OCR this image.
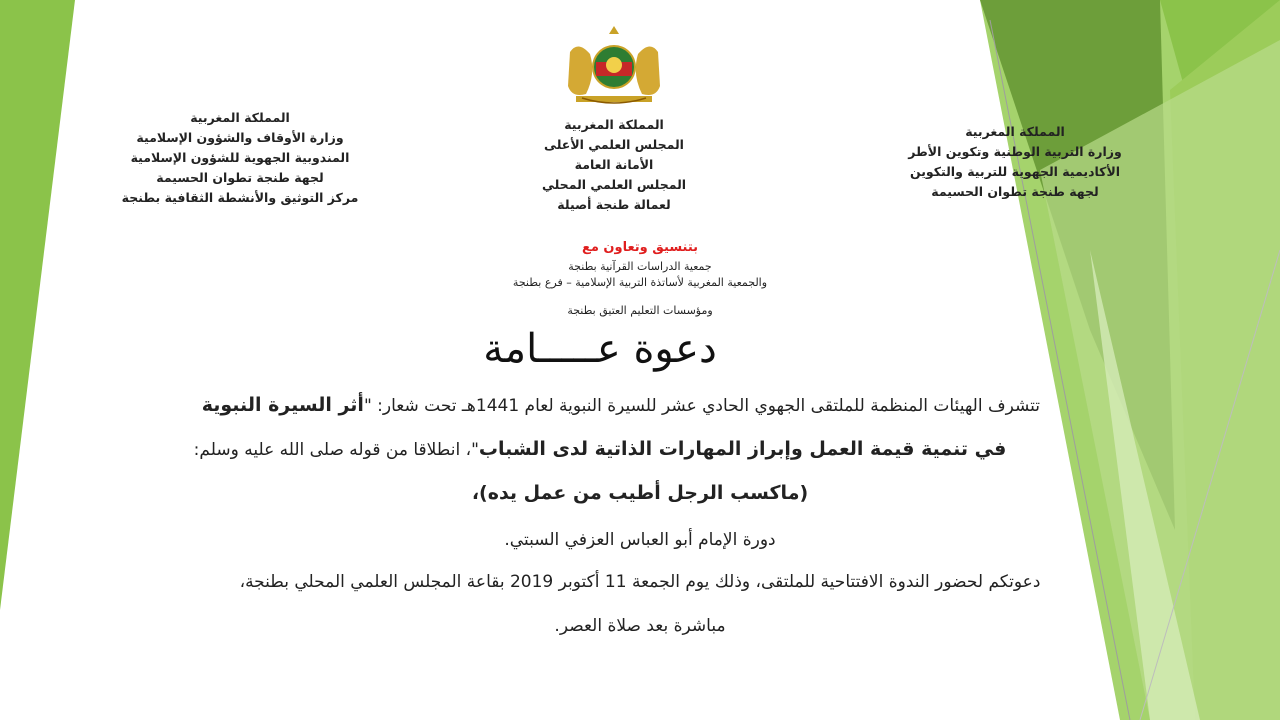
المملكة المغربية
وزارة الأوقاف والشؤون الإسلامية
المندوبية الجهوية للشؤون الإسلامية
لجهة طنجة تطوان الحسيمة
مركز التوثيق والأنشطة الثقافية بطنجة
المملكة المغربية
المجلس العلمي الأعلى
الأمانة العامة
المجلس العلمي المحلي
لعمالة طنجة أصيلة
المملكة المغربية
وزارة التربية الوطنية وتكوين الأطر
الأكاديمية الجهوية للتربية والتكوين
لجهة طنجة تطوان الحسيمة
بتنسيق وتعاون مع
جمعية الدراسات القرآنية بطنجة
والجمعية المغربية لأساتذة التربية الإسلامية – فرع بطنجة
ومؤسسات التعليم العتيق بطنجة
دعوة عـــــامة
تتشرف الهيئات المنظمة للملتقى الجهوي الحادي عشر للسيرة النبوية لعام 1441هـ تحت شعار: "أثر السيرة النبوية
في تنمية قيمة العمل وإبراز المهارات الذاتية لدى الشباب"، انطلاقا من قوله صلى الله عليه وسلم:
(ماكسب الرجل أطيب من عمل يده)،
دورة الإمام أبو العباس العزفي السبتي.
دعوتكم لحضور الندوة الافتتاحية للملتقى، وذلك يوم الجمعة 11 أكتوبر 2019 بقاعة المجلس العلمي المحلي بطنجة،
مباشرة بعد صلاة العصر.
